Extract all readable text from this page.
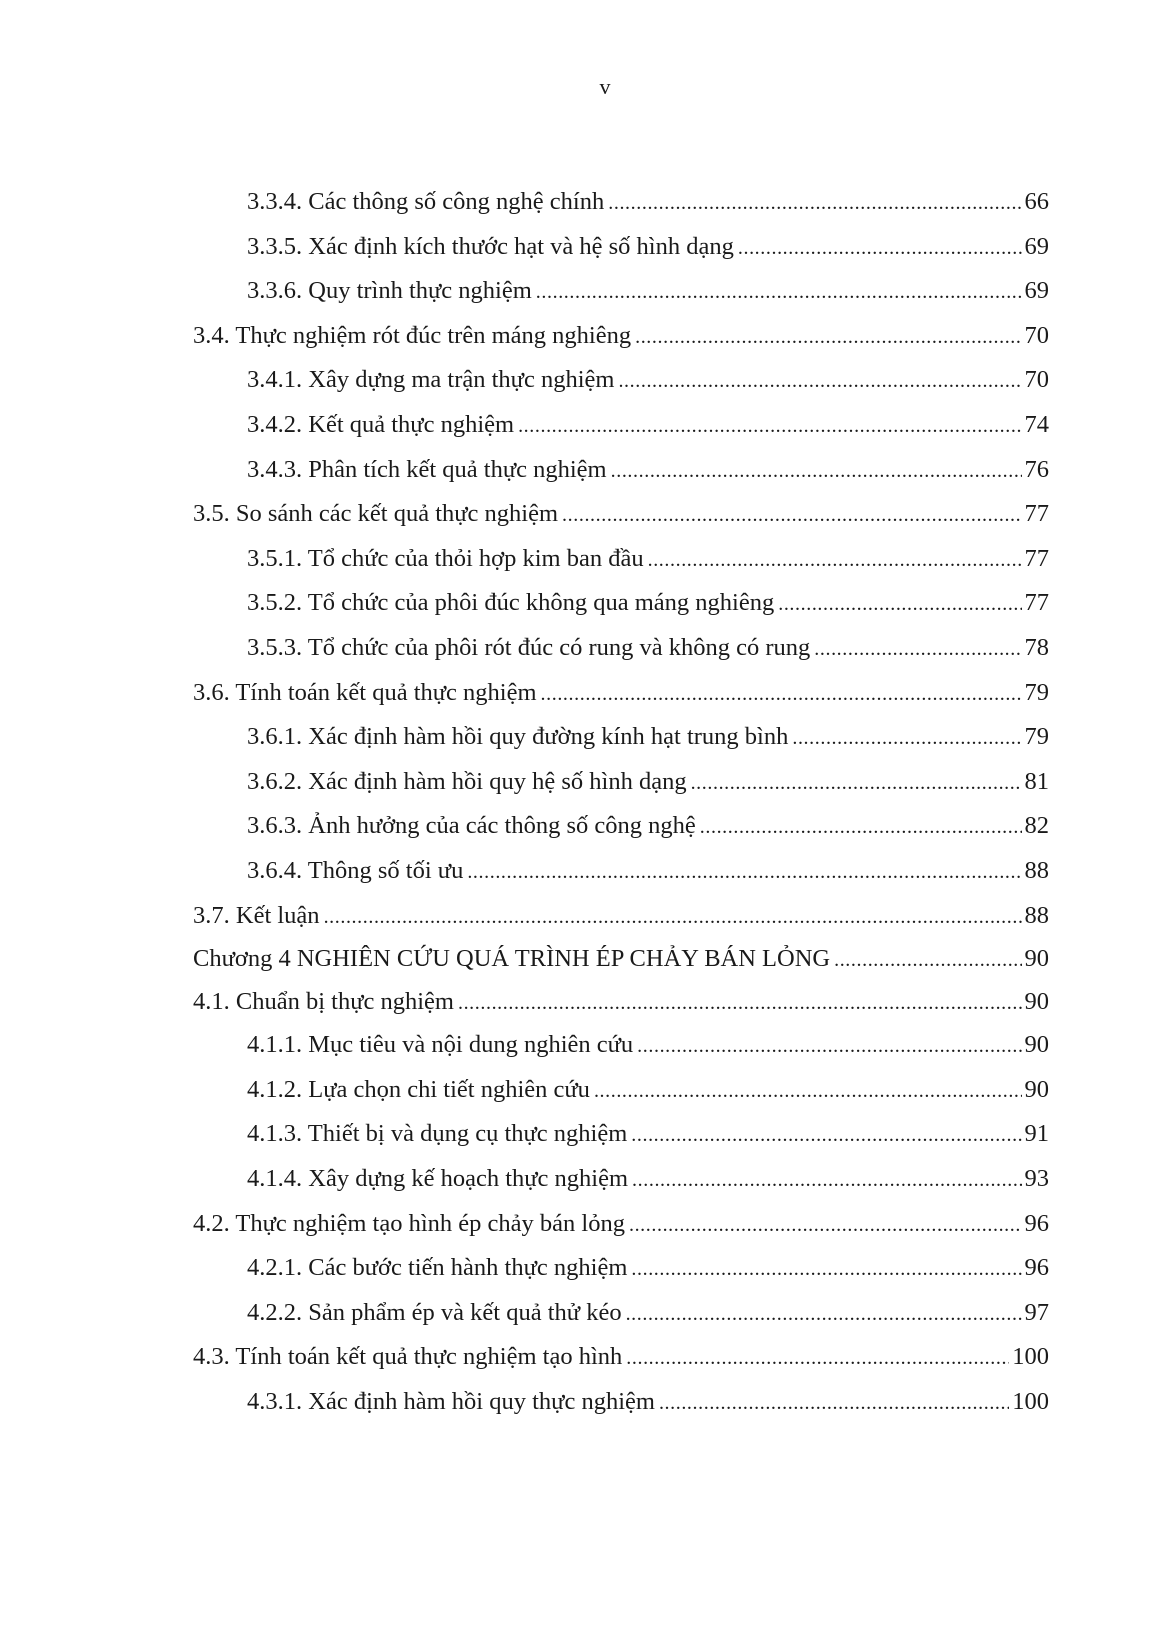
v
3.3.4. Các thông số công nghệ chính .....	66
3.3.5. Xác định kích thước hạt và hệ số hình dạng .....	69
3.3.6. Quy trình thực nghiệm .....	69
3.4. Thực nghiệm rót đúc trên máng nghiêng .....	70
3.4.1. Xây dựng ma trận thực nghiệm .....	70
3.4.2. Kết quả thực nghiệm .....	74
3.4.3. Phân tích kết quả thực nghiệm .....	76
3.5. So sánh các kết quả thực nghiệm .....	77
3.5.1. Tổ chức của thỏi hợp kim ban đầu .....	77
3.5.2. Tổ chức của phôi đúc không qua máng nghiêng .....	77
3.5.3. Tổ chức của phôi rót đúc có rung và không có rung .....	78
3.6. Tính toán kết quả thực nghiệm .....	79
3.6.1. Xác định hàm hồi quy đường kính hạt trung bình .....	79
3.6.2. Xác định hàm hồi quy hệ số hình dạng .....	81
3.6.3. Ảnh hưởng của các thông số công nghệ .....	82
3.6.4. Thông số tối ưu .....	88
3.7. Kết luận .....	88
Chương 4 NGHIÊN CỨU QUÁ TRÌNH ÉP CHẢY BÁN LỎNG .....	90
4.1. Chuẩn bị thực nghiệm .....	90
4.1.1. Mục tiêu và nội dung nghiên cứu .....	90
4.1.2. Lựa chọn chi tiết nghiên cứu .....	90
4.1.3. Thiết bị và dụng cụ thực nghiệm .....	91
4.1.4. Xây dựng kế hoạch thực nghiệm .....	93
4.2. Thực nghiệm tạo hình ép chảy bán lỏng .....	96
4.2.1. Các bước tiến hành thực nghiệm .....	96
4.2.2. Sản phẩm ép và kết quả thử kéo .....	97
4.3. Tính toán kết quả thực nghiệm tạo hình .....	100
4.3.1. Xác định hàm hồi quy thực nghiệm .....	100
